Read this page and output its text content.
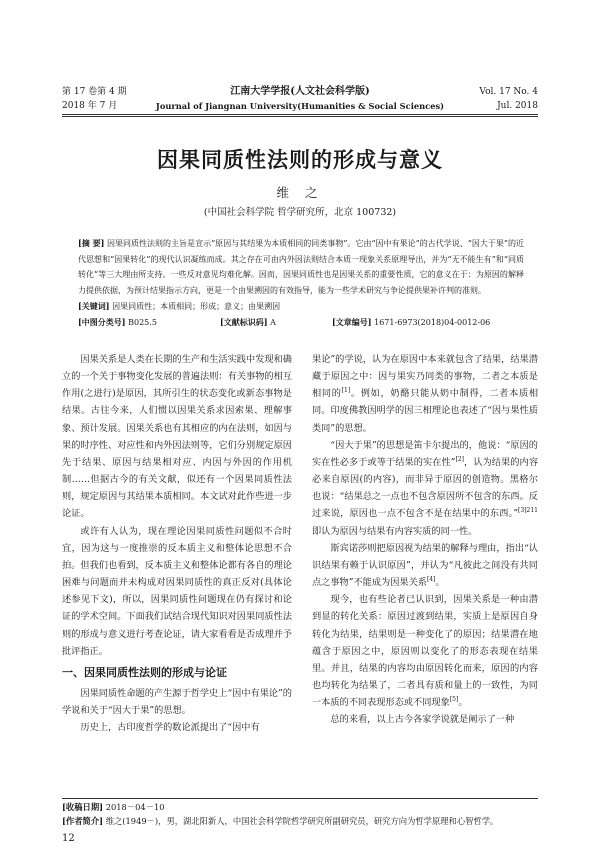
第 17 卷第 4 期
2018 年 7 月
江南大学学报(人文社会科学版)
Journal of Jiangnan University(Humanities & Social Sciences)
Vol. 17 No. 4
Jul. 2018
因果同质性法则的形成与意义
维 之
(中国社会科学院 哲学研究所，北京 100732)
[摘 要] 因果同质性法则的主旨是宣示“原因与其结果为本质相同的同类事物”。它由“因中有果论”的古代学说、“因大于果”的近代思想和“因果转化”的现代认识凝练而成。其之存在可由内外因法则结合本质一现象关系原理导出，并为“无不能生有”和“同质转化”等三大理由所支持。一些反对意见均难化解。因而，因果同质性也是因果关系的重要性质，它的意义在于：为原因的解释力提供依据，为预计结果指示方向，更是一个由果溯因的有效指导，能为一些学术研究与争论提供果补许判的准则。
[关键词] 因果同质性；本质相同；形成；意义；由果溯因
[中图分类号] B025.5	[文献标识码] A	[文章编号] 1671-6973(2018)04-0012-06

因果关系是人类在长期的生产和生活实践中发现和确立的一个关于事物变化发展的普遍法则：有关事物的相互作用(之进行)是原因，其所引生的状态变化或新态事物是结果。古往今来，人们惯以因果关系求因索果、理解事象、预计发展。因果关系也有其相应的内在法则，如因与果的时序性、对应性和内外因法则等，它们分别规定原因先于结果、原因与结果相对应、内因与外因的作用机制……但据古今的有关文献，似还有一个因果同质性法则，规定原因与其结果本质相同。本文试对此作些进一步论证。

或许有人认为，现在理论因果同质性问题似不合时宜，因为这与一度推崇的反本质主义和整体论思想不合拍。但我们也看到，反本质主义和整体论都有各自的理论困难与问题而并未构成对因果同质性的真正反对(具体论述参见下文)，所以，因果同质性问题现在仍有探讨和论证的学术空间。下面我们试结合现代知识对因果同质性法则的形成与意义进行考查论证，请大家看看是否成理并予批评指正。

一、因果同质性法则的形成与论证

因果同质性命题的产生源于哲学史上“因中有果论”的学说和关于“因大于果”的思想。

历史上，古印度哲学的数论派提出了“因中有

果论”的学说，认为在原因中本来就包含了结果，结果潜藏于原因之中：因与果实乃同类的事物，二者之本质是相同的[1]。例如，奶酪只能从奶中制得，二者本质相同。印度佛教因明学的因三相理论也表述了“因与果性质类同”的思想。

“因大于果”的思想是笛卡尔提出的，他说：“原因的实在性必多于或等于结果的实在性”[2]，认为结果的内容必来自原因(的内容)，而非异于原因的创造物。黑格尔也说：“结果总之一点也不包含原因所不包含的东西。反过来说，原因也一点不包含不是在结果中的东西。”$^{[3]211}$即认为原因与结果有内容实质的同一性。

斯宾诺莎则把原因视为结果的解释与理由，指出“认识结果有赖于认识原因”，并认为“凡彼此之间没有共同点之事物”不能成为因果关系[4]。

现今，也有些论者已认识到，因果关系是一种由潜到显的转化关系：原因过渡到结果，实质上是原因自身转化为结果，结果则是一种变化了的原因；结果潜在地蕴含于原因之中，原因则以变化了的形态表现在结果里。并且，结果的内容均由原因转化而来，原因的内容也均转化为结果了，二者具有质和量上的一致性，为同一本质的不同表现形态或不同现象[5]。

总的来看，以上古今各家学说就是阐示了一种

[收稿日期] 2018－04－10
[作者简介] 维之(1949－)，男，湖北阳新人，中国社会科学院哲学研究所副研究员，研究方向为哲学原理和心智哲学。
12
